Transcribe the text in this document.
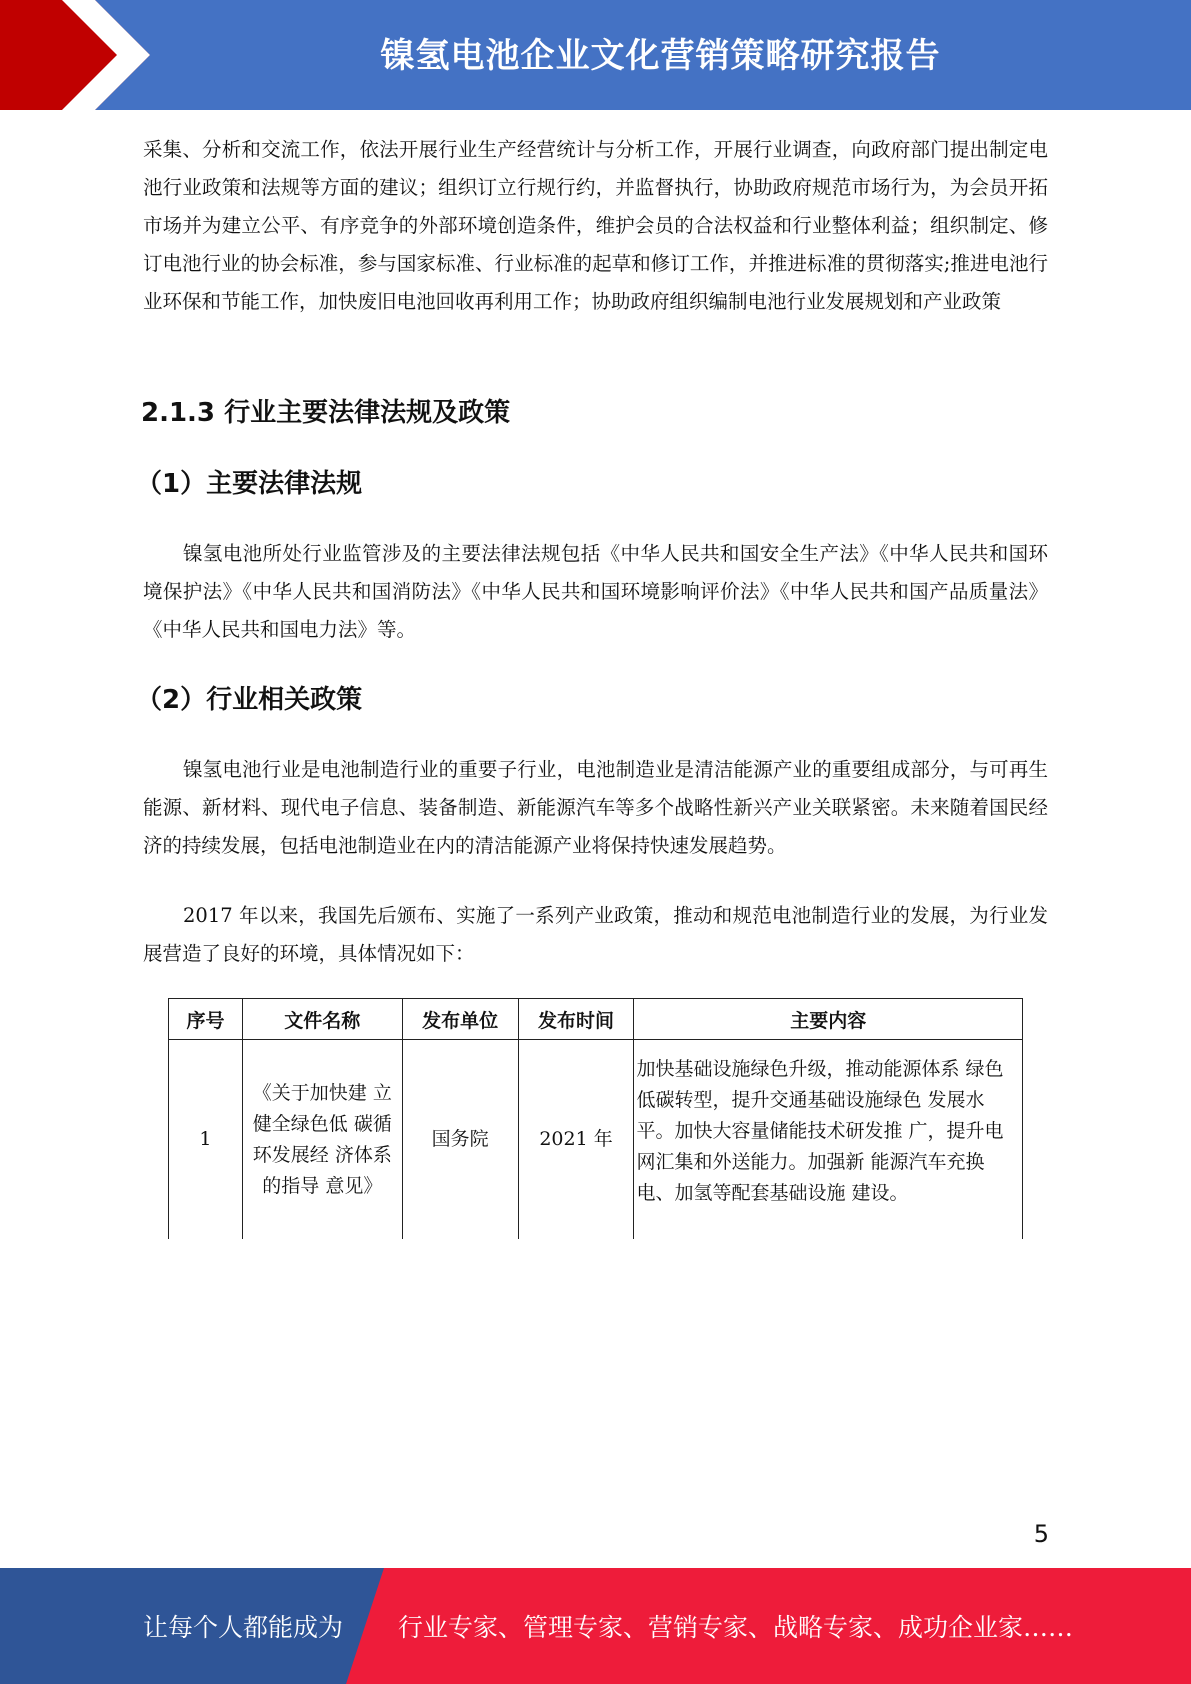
镍氢电池企业文化营销策略研究报告

采集、分析和交流工作，依法开展行业生产经营统计与分析工作，开展行业调查，向政府部门提出制定电池行业政策和法规等方面的建议；组织订立行规行约，并监督执行，协助政府规范市场行为，为会员开拓市场并为建立公平、有序竞争的外部环境创造条件，维护会员的合法权益和行业整体利益；组织制定、修订电池行业的协会标准，参与国家标准、行业标准的起草和修订工作，并推进标准的贯彻落实;推进电池行业环保和节能工作，加快废旧电池回收再利用工作；协助政府组织编制电池行业发展规划和产业政策

2.1.3 行业主要法律法规及政策
（1）主要法律法规

镍氢电池所处行业监管涉及的主要法律法规包括《中华人民共和国安全生产法》《中华人民共和国环境保护法》《中华人民共和国消防法》《中华人民共和国环境影响评价法》《中华人民共和国产品质量法》《中华人民共和国电力法》等。

（2）行业相关政策

镍氢电池行业是电池制造行业的重要子行业，电池制造业是清洁能源产业的重要组成部分，与可再生能源、新材料、现代电子信息、装备制造、新能源汽车等多个战略性新兴产业关联紧密。未来随着国民经济的持续发展，包括电池制造业在内的清洁能源产业将保持快速发展趋势。

2017 年以来，我国先后颁布、实施了一系列产业政策，推动和规范电池制造行业的发展，为行业发展营造了良好的环境，具体情况如下：

序号	文件名称	发布单位	发布时间	主要内容
1	《关于加快建 立健全绿色低 碳循环发展经 济体系的指导 意见》	国务院	2021 年	加快基础设施绿色升级，推动能源体系 绿色低碳转型，提升交通基础设施绿色 发展水平。加快大容量储能技术研发推 广，提升电网汇集和外送能力。加强新 能源汽车充换电、加氢等配套基础设施 建设。
5
让每个人都能成为 行业专家、管理专家、营销专家、战略专家、成功企业家……
